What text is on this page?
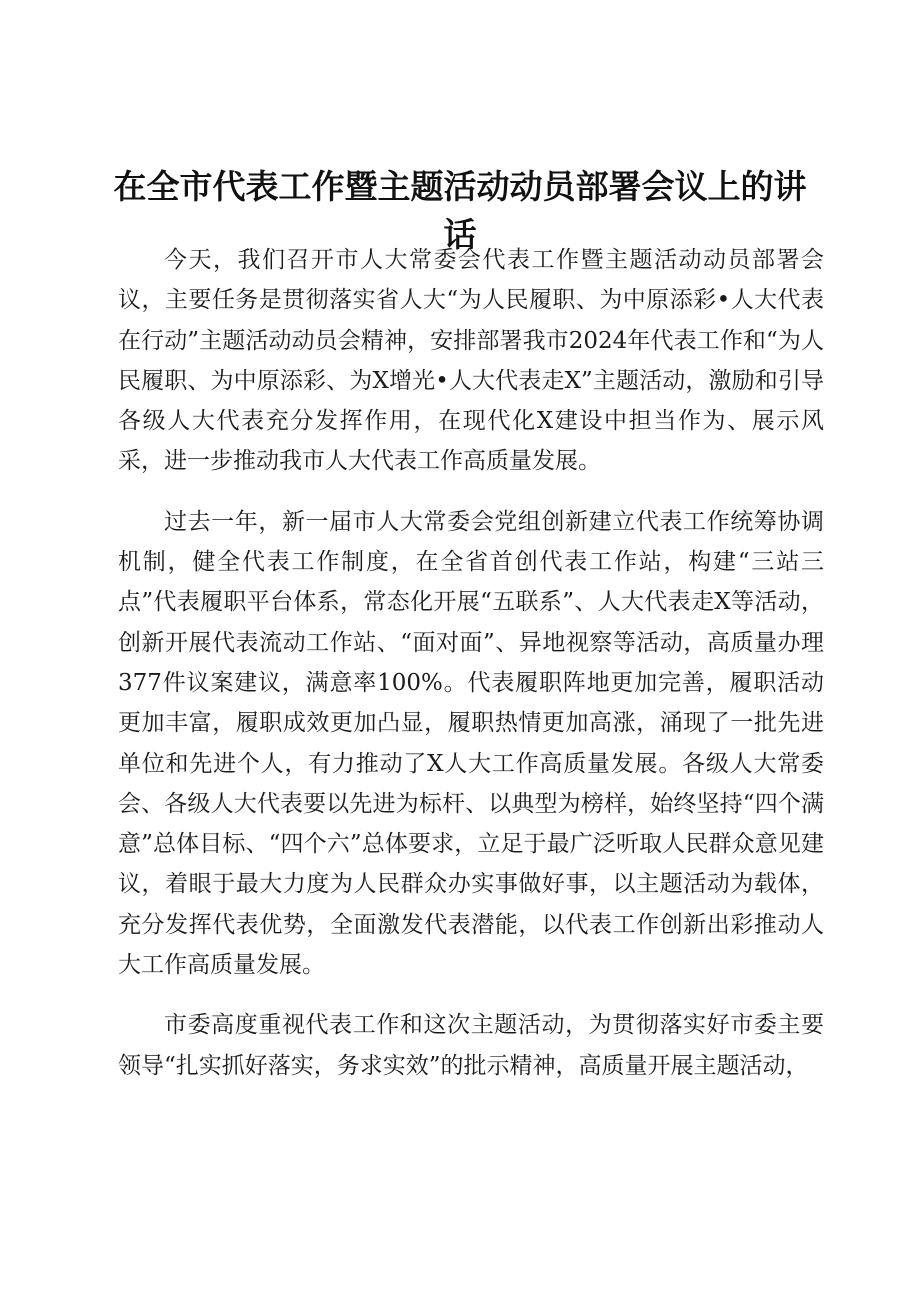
在全市代表工作暨主题活动动员部署会议上的讲话

今天，我们召开市人大常委会代表工作暨主题活动动员部署会议，主要任务是贯彻落实省人大“为人民履职、为中原添彩•人大代表在行动”主题活动动员会精神，安排部署我市2024年代表工作和“为人民履职、为中原添彩、为X增光•人大代表走X”主题活动，激励和引导各级人大代表充分发挥作用，在现代化X建设中担当作为、展示风采，进一步推动我市人大代表工作高质量发展。

过去一年，新一届市人大常委会党组创新建立代表工作统筹协调机制，健全代表工作制度，在全省首创代表工作站，构建“三站三点”代表履职平台体系，常态化开展“五联系”、人大代表走X等活动，创新开展代表流动工作站、“面对面”、异地视察等活动，高质量办理377件议案建议，满意率100%。代表履职阵地更加完善，履职活动更加丰富，履职成效更加凸显，履职热情更加高涨，涌现了一批先进单位和先进个人，有力推动了X人大工作高质量发展。各级人大常委会、各级人大代表要以先进为标杆、以典型为榜样，始终坚持“四个满意”总体目标、“四个六”总体要求，立足于最广泛听取人民群众意见建议，着眼于最大力度为人民群众办实事做好事，以主题活动为载体，充分发挥代表优势，全面激发代表潜能，以代表工作创新出彩推动人大工作高质量发展。

市委高度重视代表工作和这次主题活动，为贯彻落实好市委主要领导“扎实抓好落实，务求实效”的批示精神，高质量开展主题活动，
